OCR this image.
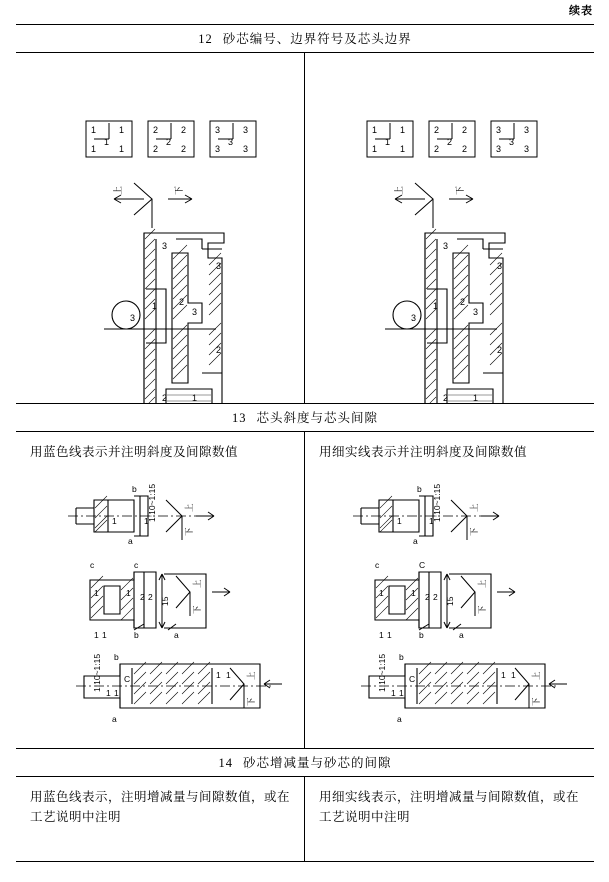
续表
12 砂芯编号、边界符号及芯头边界
1	1
1	1
1
2	2
2	2
2
3	3
3	3
3
上	下
3
3
1 2
3
2	1
2
3
1	1
1	1
1
2	2
2	2
2
3	3
3	3
3
上	下
3
3
1 2
3
2	1
2
3
13 芯头斜度与芯头间隙
用蓝色线表示并注明斜度及间隙数值	用细实线表示并注明斜度及间隙数值
b
a
1	1
上
下
1:10~1:15
c	c
1	1 2 2
1 1	b	a
15
上
下
b
a
C
1 1
1 1
1:10~1:15	上
下
b
a
1	1
上
下
1:10~1:15
c	C
1	1 2 2
1 1	b	a
15
上
下
b
a
C
1 1
1 1
1:10~1:15	上
下
14 砂芯增减量与砂芯的间隙
用蓝色线表示，注明增减量与间隙数值，或在工艺说明中注明
用细实线表示，注明增减量与间隙数值，或在工艺说明中注明
